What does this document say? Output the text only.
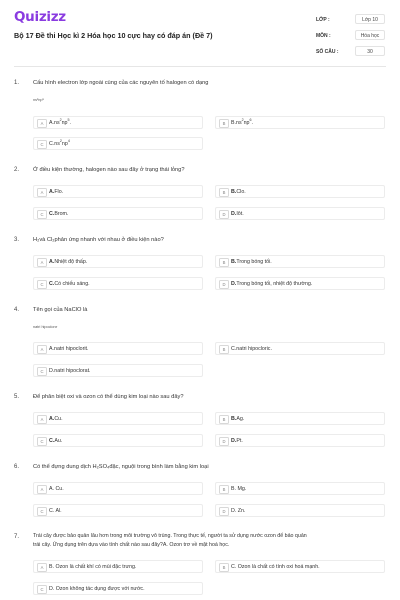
Quizizz
Bộ 17 Đề thi Học kì 2 Hóa học 10 cực hay có đáp án (Đề 7)
LỚP :	Lớp 10
MÔN :	Hóa học
SỐ CÂU :	30
1. Cấu hình electron lớp ngoài cùng của các nguyên tố halogen có dạng
ns²np⁵
A	$A.ns^2np^5$.	B	$B.ns^2np^6$.
C	$C.ns^2np^4$
2. Ở điều kiện thường, halogen nào sau đây ở trạng thái lỏng?
A	A.Flo.	B	B.Clo.
C	C.Brom.	D	D.Iôt.
3. H₂và Cl₂phản ứng nhanh với nhau ở điều kiện nào?
A	A.Nhiệt độ thấp.	B	B.Trong bóng tối.
C	C.Có chiếu sáng.	D	D.Trong bóng tối, nhiệt độ thường.
4. Tên gọi của NaClO là
natri hipoclorơ
A	A.natri hipoclorit.	B	C.natri hipocloric.
C	D.natri hipoclorat.
5. Để phân biệt oxi và ozon có thể dùng kim loại nào sau đây?
A	A.Cu.	B	B.Ag.
C	C.Au.	D	D.Pt.
6. Có thể đựng dung dịch H₂SO₄đặc, nguội trong bình làm bằng kim loại
A	A. Cu.	B	B. Mg.
C	C. Al.	D	D. Zn.
7.	Trái cây được bảo quản lâu hơn trong môi trường vô trùng. Trong thực tế, người ta sử dụng nước ozon để bảo quản
trái cây. Ứng dụng trên dựa vào tính chất nào sau đây?A. Ozon trơ về mặt hoá học.
A	B. Ozon là chất khí có mùi đặc trưng.	B	C. Ozon là chất có tính oxi hoá mạnh.
C	D. Ozon không tác dụng được với nước.
